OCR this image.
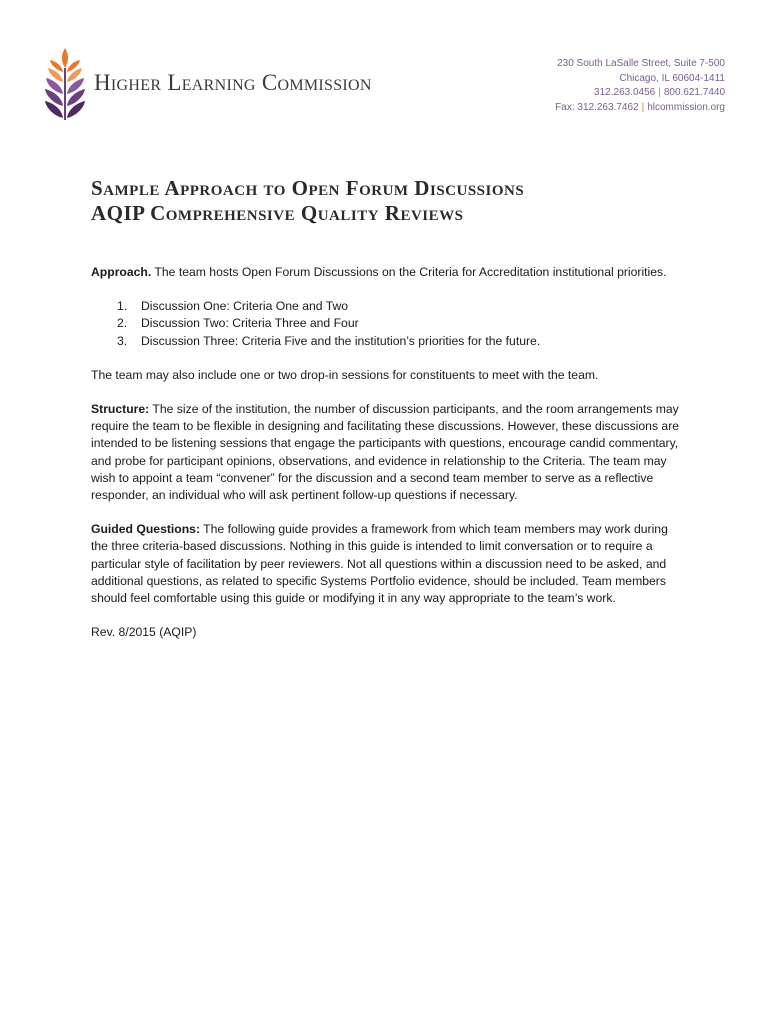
Higher Learning Commission
230 South LaSalle Street, Suite 7-500
Chicago, IL 60604-1411
312.263.0456 | 800.621.7440
Fax: 312.263.7462 | hlcommission.org
Sample Approach to Open Forum Discussions
AQIP Comprehensive Quality Reviews

Approach. The team hosts Open Forum Discussions on the Criteria for Accreditation institutional priorities.

1. Discussion One: Criteria One and Two
2. Discussion Two: Criteria Three and Four
3. Discussion Three: Criteria Five and the institution’s priorities for the future.

The team may also include one or two drop-in sessions for constituents to meet with the team.

Structure: The size of the institution, the number of discussion participants, and the room arrangements may require the team to be flexible in designing and facilitating these discussions. However, these discussions are intended to be listening sessions that engage the participants with questions, encourage candid commentary, and probe for participant opinions, observations, and evidence in relationship to the Criteria. The team may wish to appoint a team “convener” for the discussion and a second team member to serve as a reflective responder, an individual who will ask pertinent follow-up questions if necessary.

Guided Questions: The following guide provides a framework from which team members may work during the three criteria-based discussions. Nothing in this guide is intended to limit conversation or to require a particular style of facilitation by peer reviewers. Not all questions within a discussion need to be asked, and additional questions, as related to specific Systems Portfolio evidence, should be included. Team members should feel comfortable using this guide or modifying it in any way appropriate to the team’s work.

Rev. 8/2015 (AQIP)
